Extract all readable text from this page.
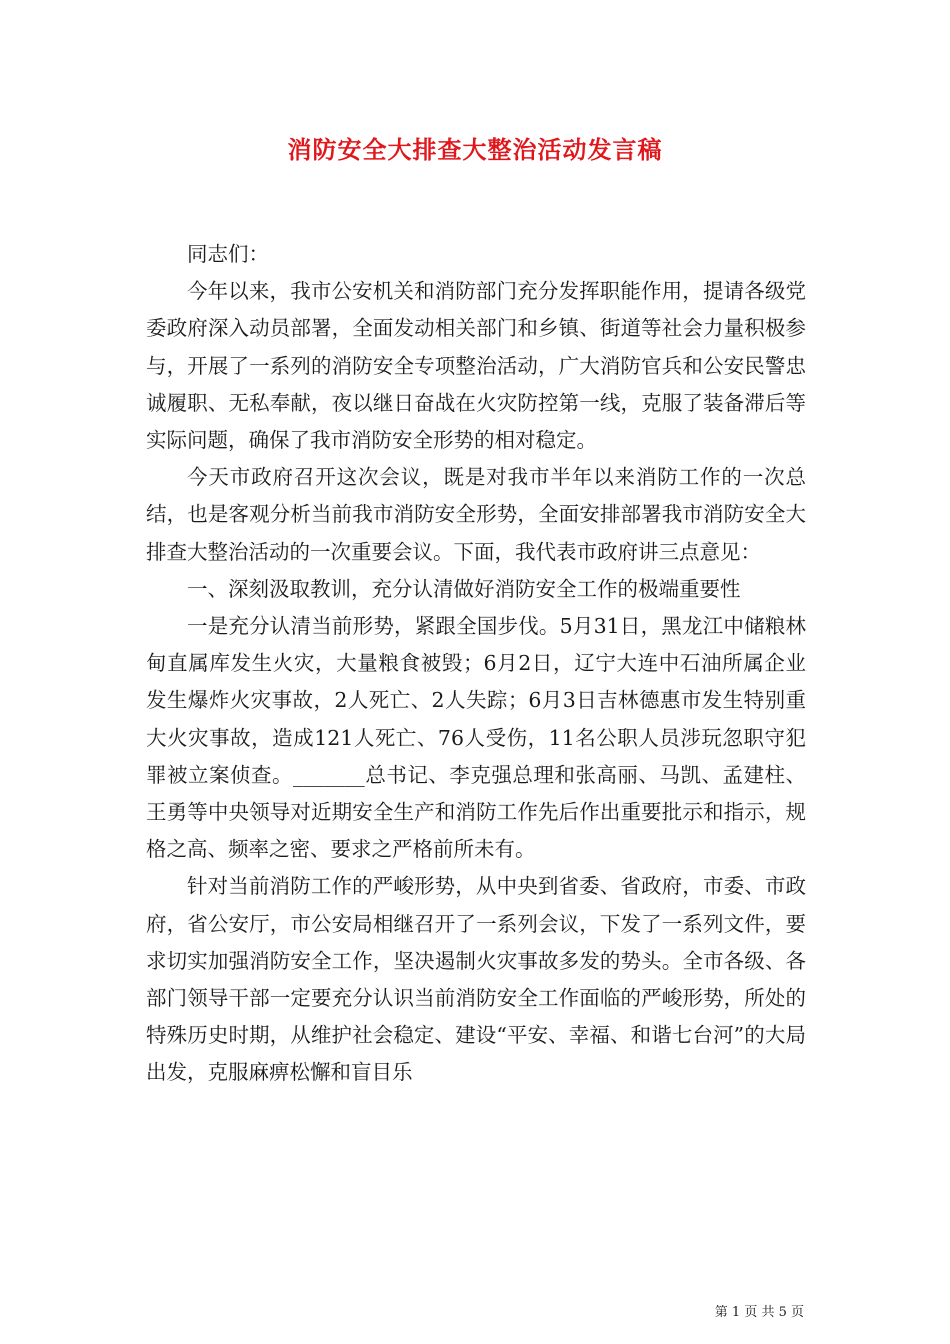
消防安全大排查大整治活动发言稿

同志们：

今年以来，我市公安机关和消防部门充分发挥职能作用，提请各级党委政府深入动员部署，全面发动相关部门和乡镇、街道等社会力量积极参与，开展了一系列的消防安全专项整治活动，广大消防官兵和公安民警忠诚履职、无私奉献，夜以继日奋战在火灾防控第一线，克服了装备滞后等实际问题，确保了我市消防安全形势的相对稳定。

今天市政府召开这次会议，既是对我市半年以来消防工作的一次总结，也是客观分析当前我市消防安全形势，全面安排部署我市消防安全大排查大整治活动的一次重要会议。下面，我代表市政府讲三点意见：

一、深刻汲取教训，充分认清做好消防安全工作的极端重要性

一是充分认清当前形势，紧跟全国步伐。5月31日，黑龙江中储粮林甸直属库发生火灾，大量粮食被毁；6月2日，辽宁大连中石油所属企业发生爆炸火灾事故，2人死亡、2人失踪；6月3日吉林德惠市发生特别重大火灾事故，造成121人死亡、76人受伤，11名公职人员涉玩忽职守犯罪被立案侦查。_______总书记、李克强总理和张高丽、马凯、孟建柱、王勇等中央领导对近期安全生产和消防工作先后作出重要批示和指示，规格之高、频率之密、要求之严格前所未有。

针对当前消防工作的严峻形势，从中央到省委、省政府，市委、市政府，省公安厅，市公安局相继召开了一系列会议，下发了一系列文件，要求切实加强消防安全工作，坚决遏制火灾事故多发的势头。全市各级、各部门领导干部一定要充分认识当前消防安全工作面临的严峻形势，所处的特殊历史时期，从维护社会稳定、建设“平安、幸福、和谐七台河”的大局出发，克服麻痹松懈和盲目乐

第 1 页 共 5 页
